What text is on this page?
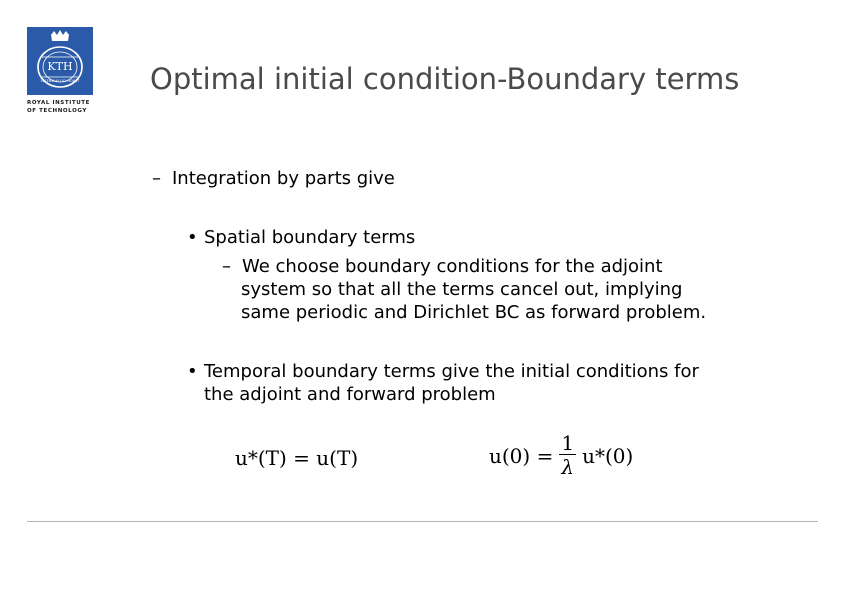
KTH
VETENSKAP OCH KONST
ROYAL INSTITUTE
OF TECHNOLOGY
Optimal initial condition-Boundary terms
– Integration by parts give
• Spatial boundary terms
– We choose boundary conditions for the adjoint
system so that all the terms cancel out, implying
same periodic and Dirichlet BC as forward problem.
• Temporal boundary terms give the initial conditions for
the adjoint and forward problem
u*(T) = u(T)	$u(0) = \frac{1}{\lambda} u*(0)$
